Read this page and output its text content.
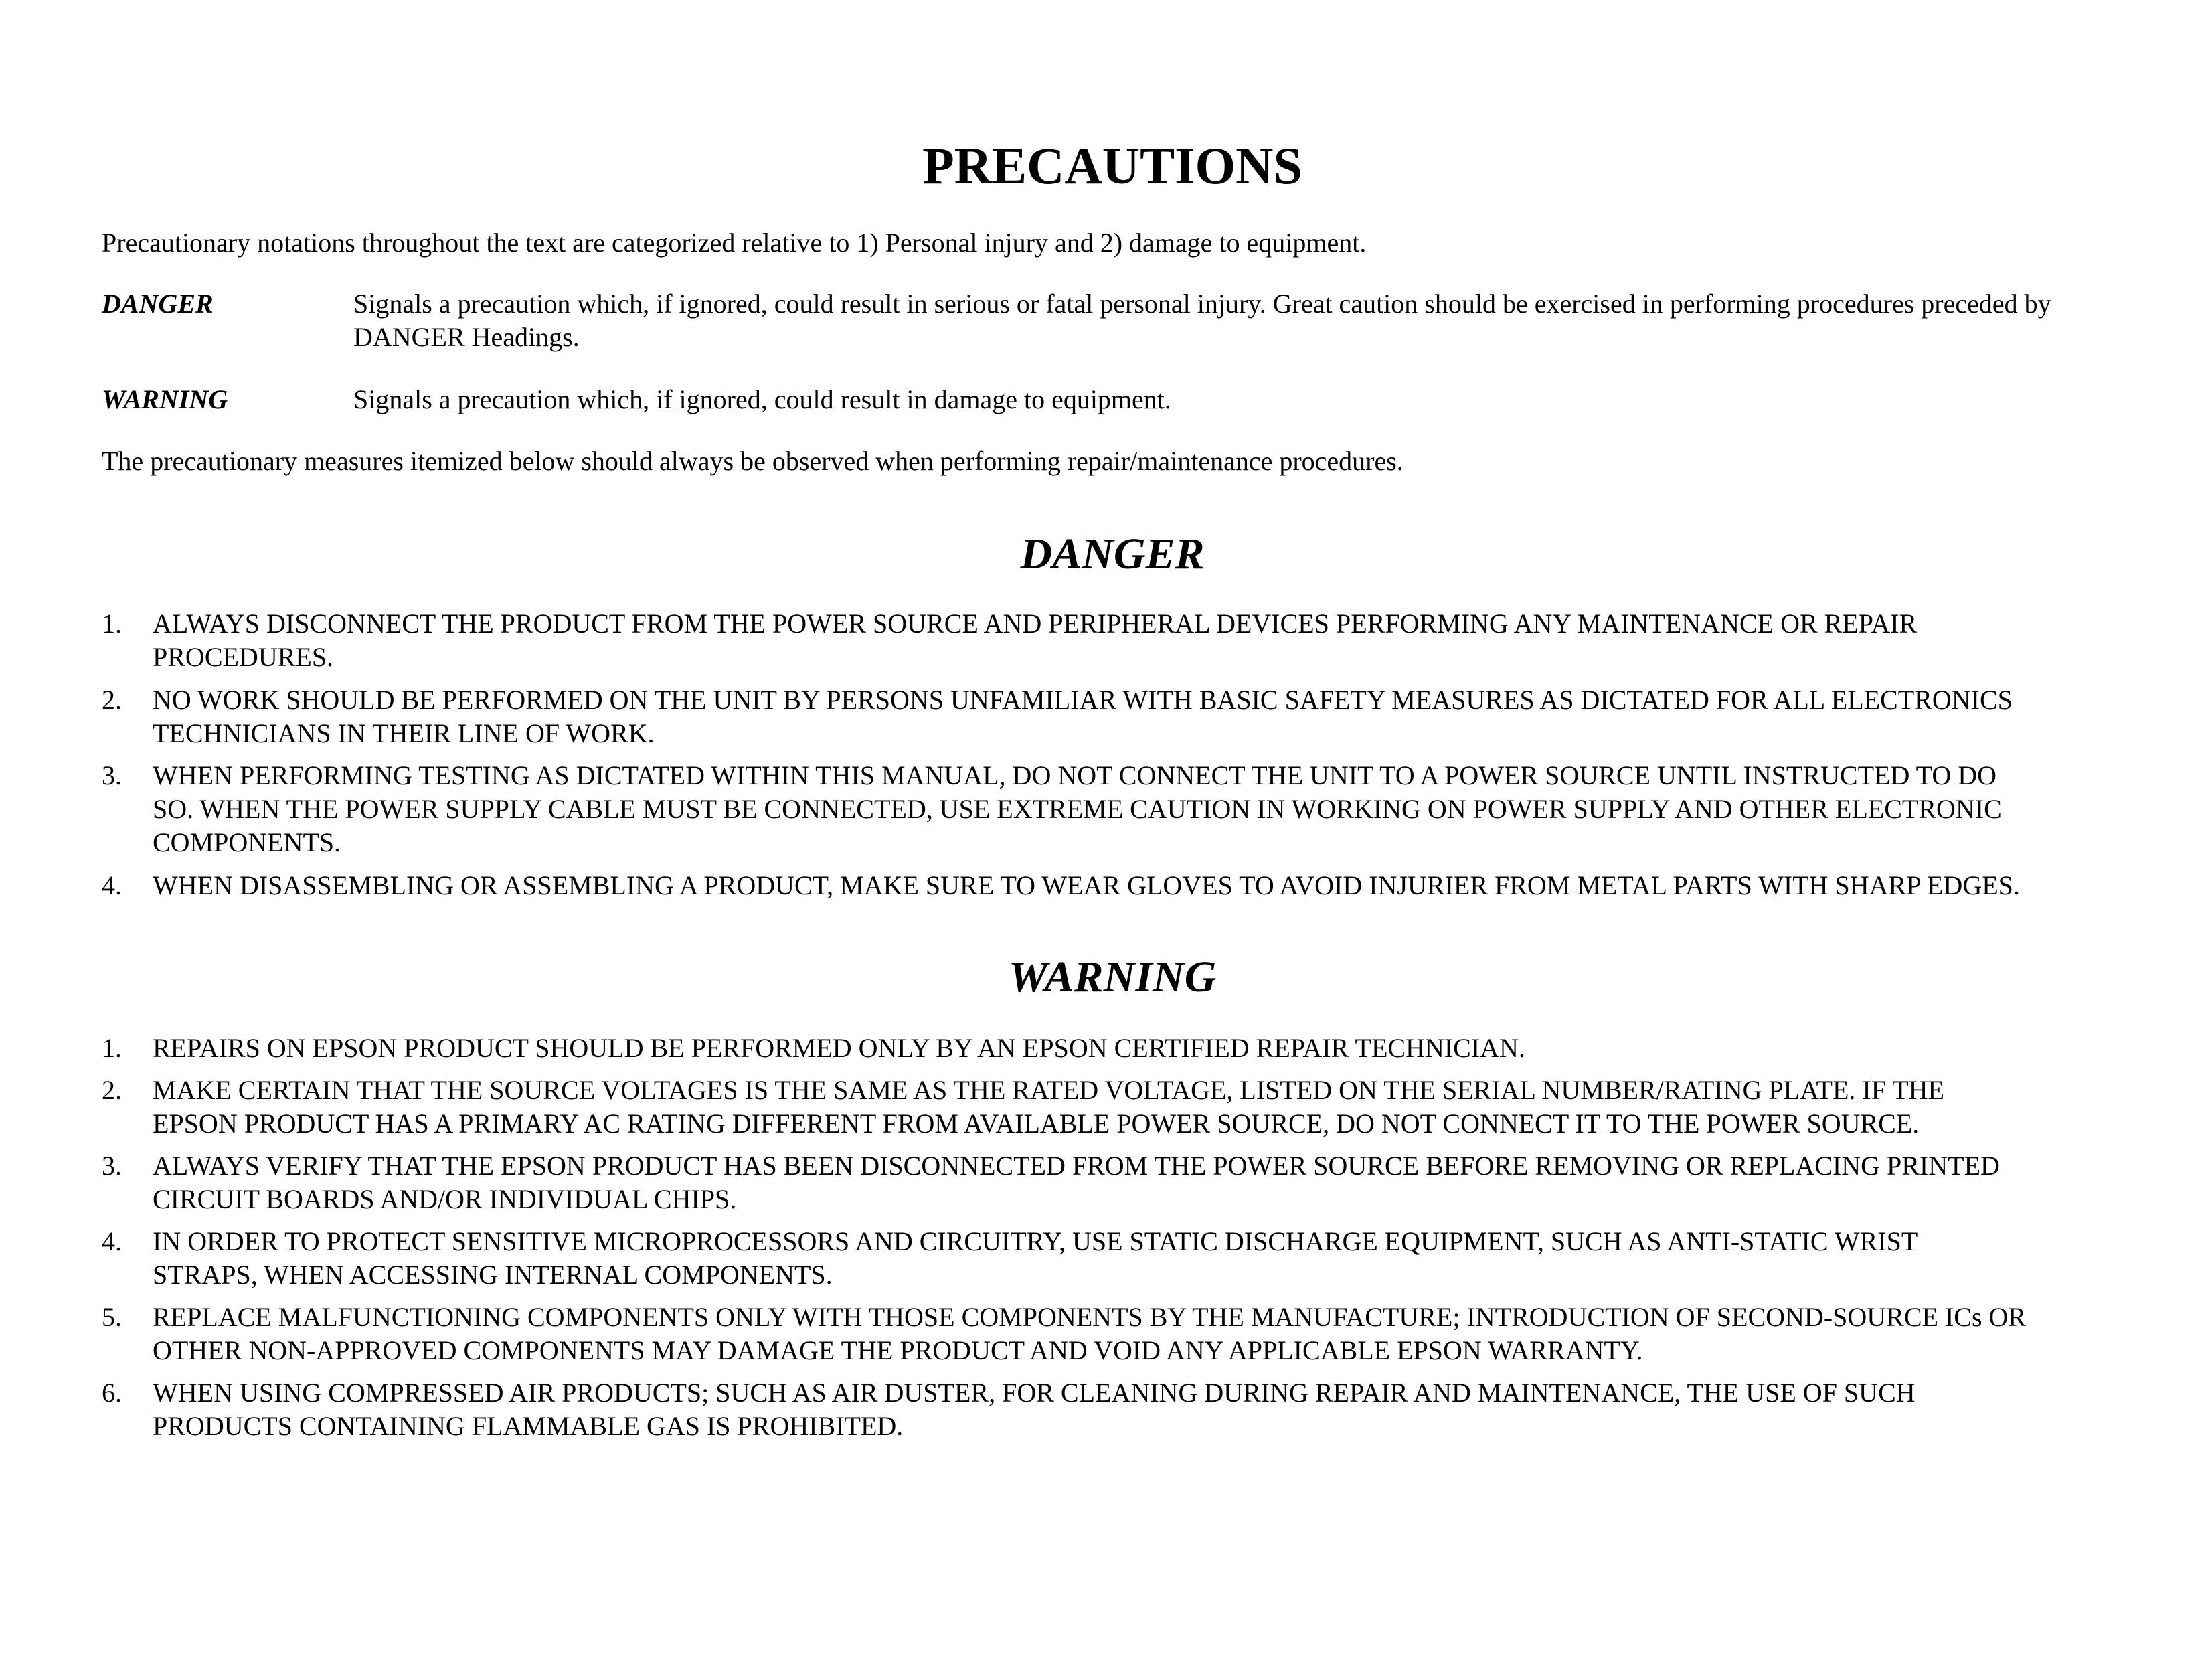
PRECAUTIONS

Precautionary notations throughout the text are categorized relative to 1) Personal injury and 2) damage to equipment.

DANGER	Signals a precaution which, if ignored, could result in serious or fatal personal injury. Great caution should be exercised in performing procedures preceded by
DANGER Headings.
WARNING	Signals a precaution which, if ignored, could result in damage to equipment.

The precautionary measures itemized below should always be observed when performing repair/maintenance procedures.

DANGER
1. ALWAYS DISCONNECT THE PRODUCT FROM THE POWER SOURCE AND PERIPHERAL DEVICES PERFORMING ANY MAINTENANCE OR REPAIR
PROCEDURES.
2. NO WORK SHOULD BE PERFORMED ON THE UNIT BY PERSONS UNFAMILIAR WITH BASIC SAFETY MEASURES AS DICTATED FOR ALL ELECTRONICS
TECHNICIANS IN THEIR LINE OF WORK.
3. WHEN PERFORMING TESTING AS DICTATED WITHIN THIS MANUAL, DO NOT CONNECT THE UNIT TO A POWER SOURCE UNTIL INSTRUCTED TO DO
SO. WHEN THE POWER SUPPLY CABLE MUST BE CONNECTED, USE EXTREME CAUTION IN WORKING ON POWER SUPPLY AND OTHER ELECTRONIC
COMPONENTS.
4. WHEN DISASSEMBLING OR ASSEMBLING A PRODUCT, MAKE SURE TO WEAR GLOVES TO AVOID INJURIER FROM METAL PARTS WITH SHARP EDGES.
WARNING
1. REPAIRS ON EPSON PRODUCT SHOULD BE PERFORMED ONLY BY AN EPSON CERTIFIED REPAIR TECHNICIAN.
2. MAKE CERTAIN THAT THE SOURCE VOLTAGES IS THE SAME AS THE RATED VOLTAGE, LISTED ON THE SERIAL NUMBER/RATING PLATE. IF THE
EPSON PRODUCT HAS A PRIMARY AC RATING DIFFERENT FROM AVAILABLE POWER SOURCE, DO NOT CONNECT IT TO THE POWER SOURCE.
3. ALWAYS VERIFY THAT THE EPSON PRODUCT HAS BEEN DISCONNECTED FROM THE POWER SOURCE BEFORE REMOVING OR REPLACING PRINTED
CIRCUIT BOARDS AND/OR INDIVIDUAL CHIPS.
4. IN ORDER TO PROTECT SENSITIVE MICROPROCESSORS AND CIRCUITRY, USE STATIC DISCHARGE EQUIPMENT, SUCH AS ANTI-STATIC WRIST
STRAPS, WHEN ACCESSING INTERNAL COMPONENTS.
5. REPLACE MALFUNCTIONING COMPONENTS ONLY WITH THOSE COMPONENTS BY THE MANUFACTURE; INTRODUCTION OF SECOND-SOURCE ICs OR
OTHER NON-APPROVED COMPONENTS MAY DAMAGE THE PRODUCT AND VOID ANY APPLICABLE EPSON WARRANTY.
6. WHEN USING COMPRESSED AIR PRODUCTS; SUCH AS AIR DUSTER, FOR CLEANING DURING REPAIR AND MAINTENANCE, THE USE OF SUCH
PRODUCTS CONTAINING FLAMMABLE GAS IS PROHIBITED.
